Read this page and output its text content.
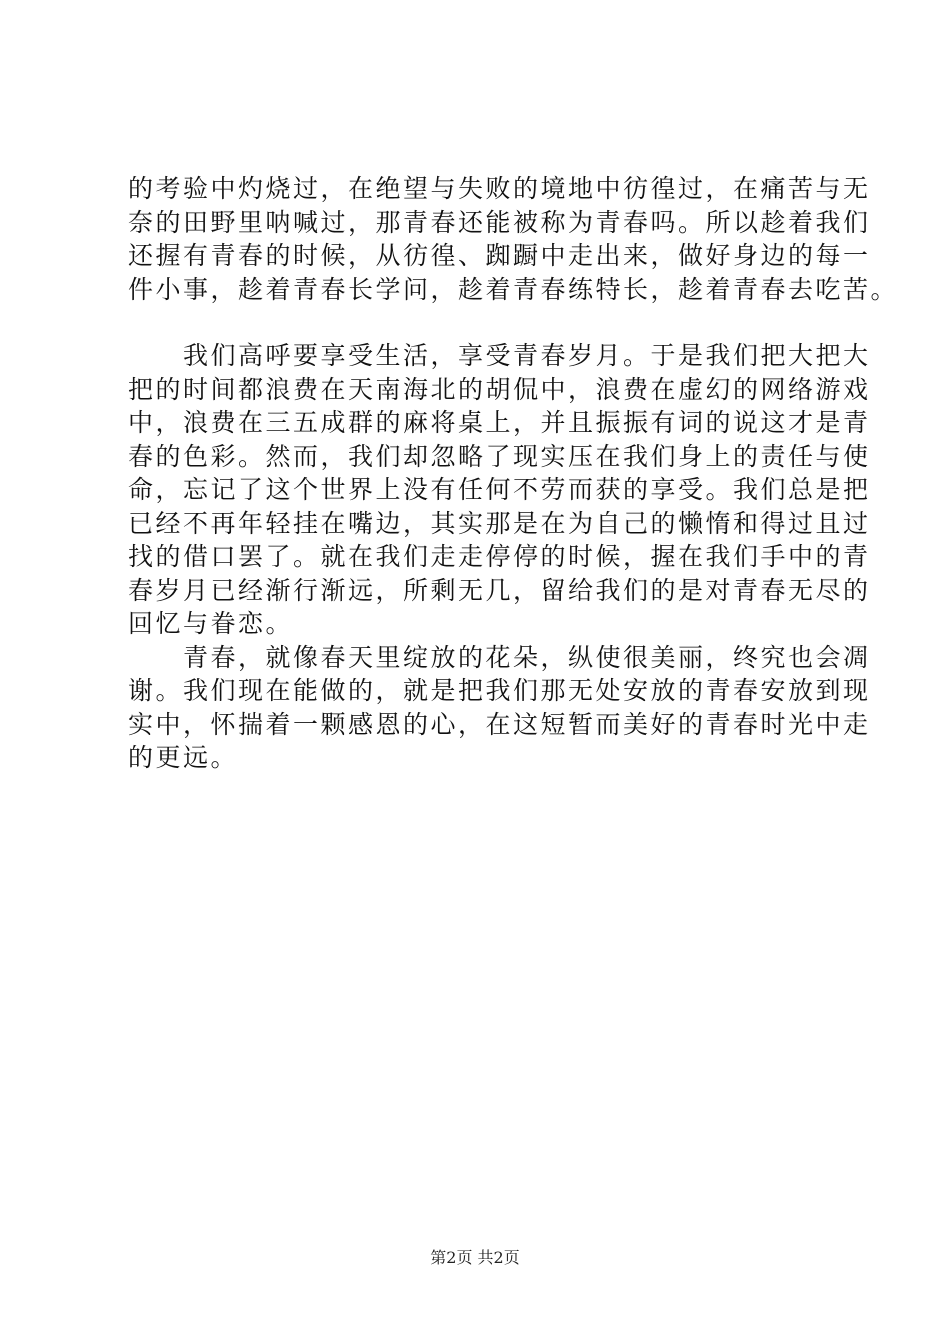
的考验中灼烧过，在绝望与失败的境地中彷徨过，在痛苦与无
奈的田野里呐喊过，那青春还能被称为青春吗。所以趁着我们
还握有青春的时候，从彷徨、踟蹰中走出来，做好身边的每一
件小事，趁着青春长学问，趁着青春练特长，趁着青春去吃苦。
　　我们高呼要享受生活，享受青春岁月。于是我们把大把大
把的时间都浪费在天南海北的胡侃中，浪费在虚幻的网络游戏
中，浪费在三五成群的麻将桌上，并且振振有词的说这才是青
春的色彩。然而，我们却忽略了现实压在我们身上的责任与使
命，忘记了这个世界上没有任何不劳而获的享受。我们总是把
已经不再年轻挂在嘴边，其实那是在为自己的懒惰和得过且过
找的借口罢了。就在我们走走停停的时候，握在我们手中的青
春岁月已经渐行渐远，所剩无几，留给我们的是对青春无尽的
回忆与眷恋。
　　青春，就像春天里绽放的花朵，纵使很美丽，终究也会凋
谢。我们现在能做的，就是把我们那无处安放的青春安放到现
实中，怀揣着一颗感恩的心，在这短暂而美好的青春时光中走
的更远。
第2页 共2页
